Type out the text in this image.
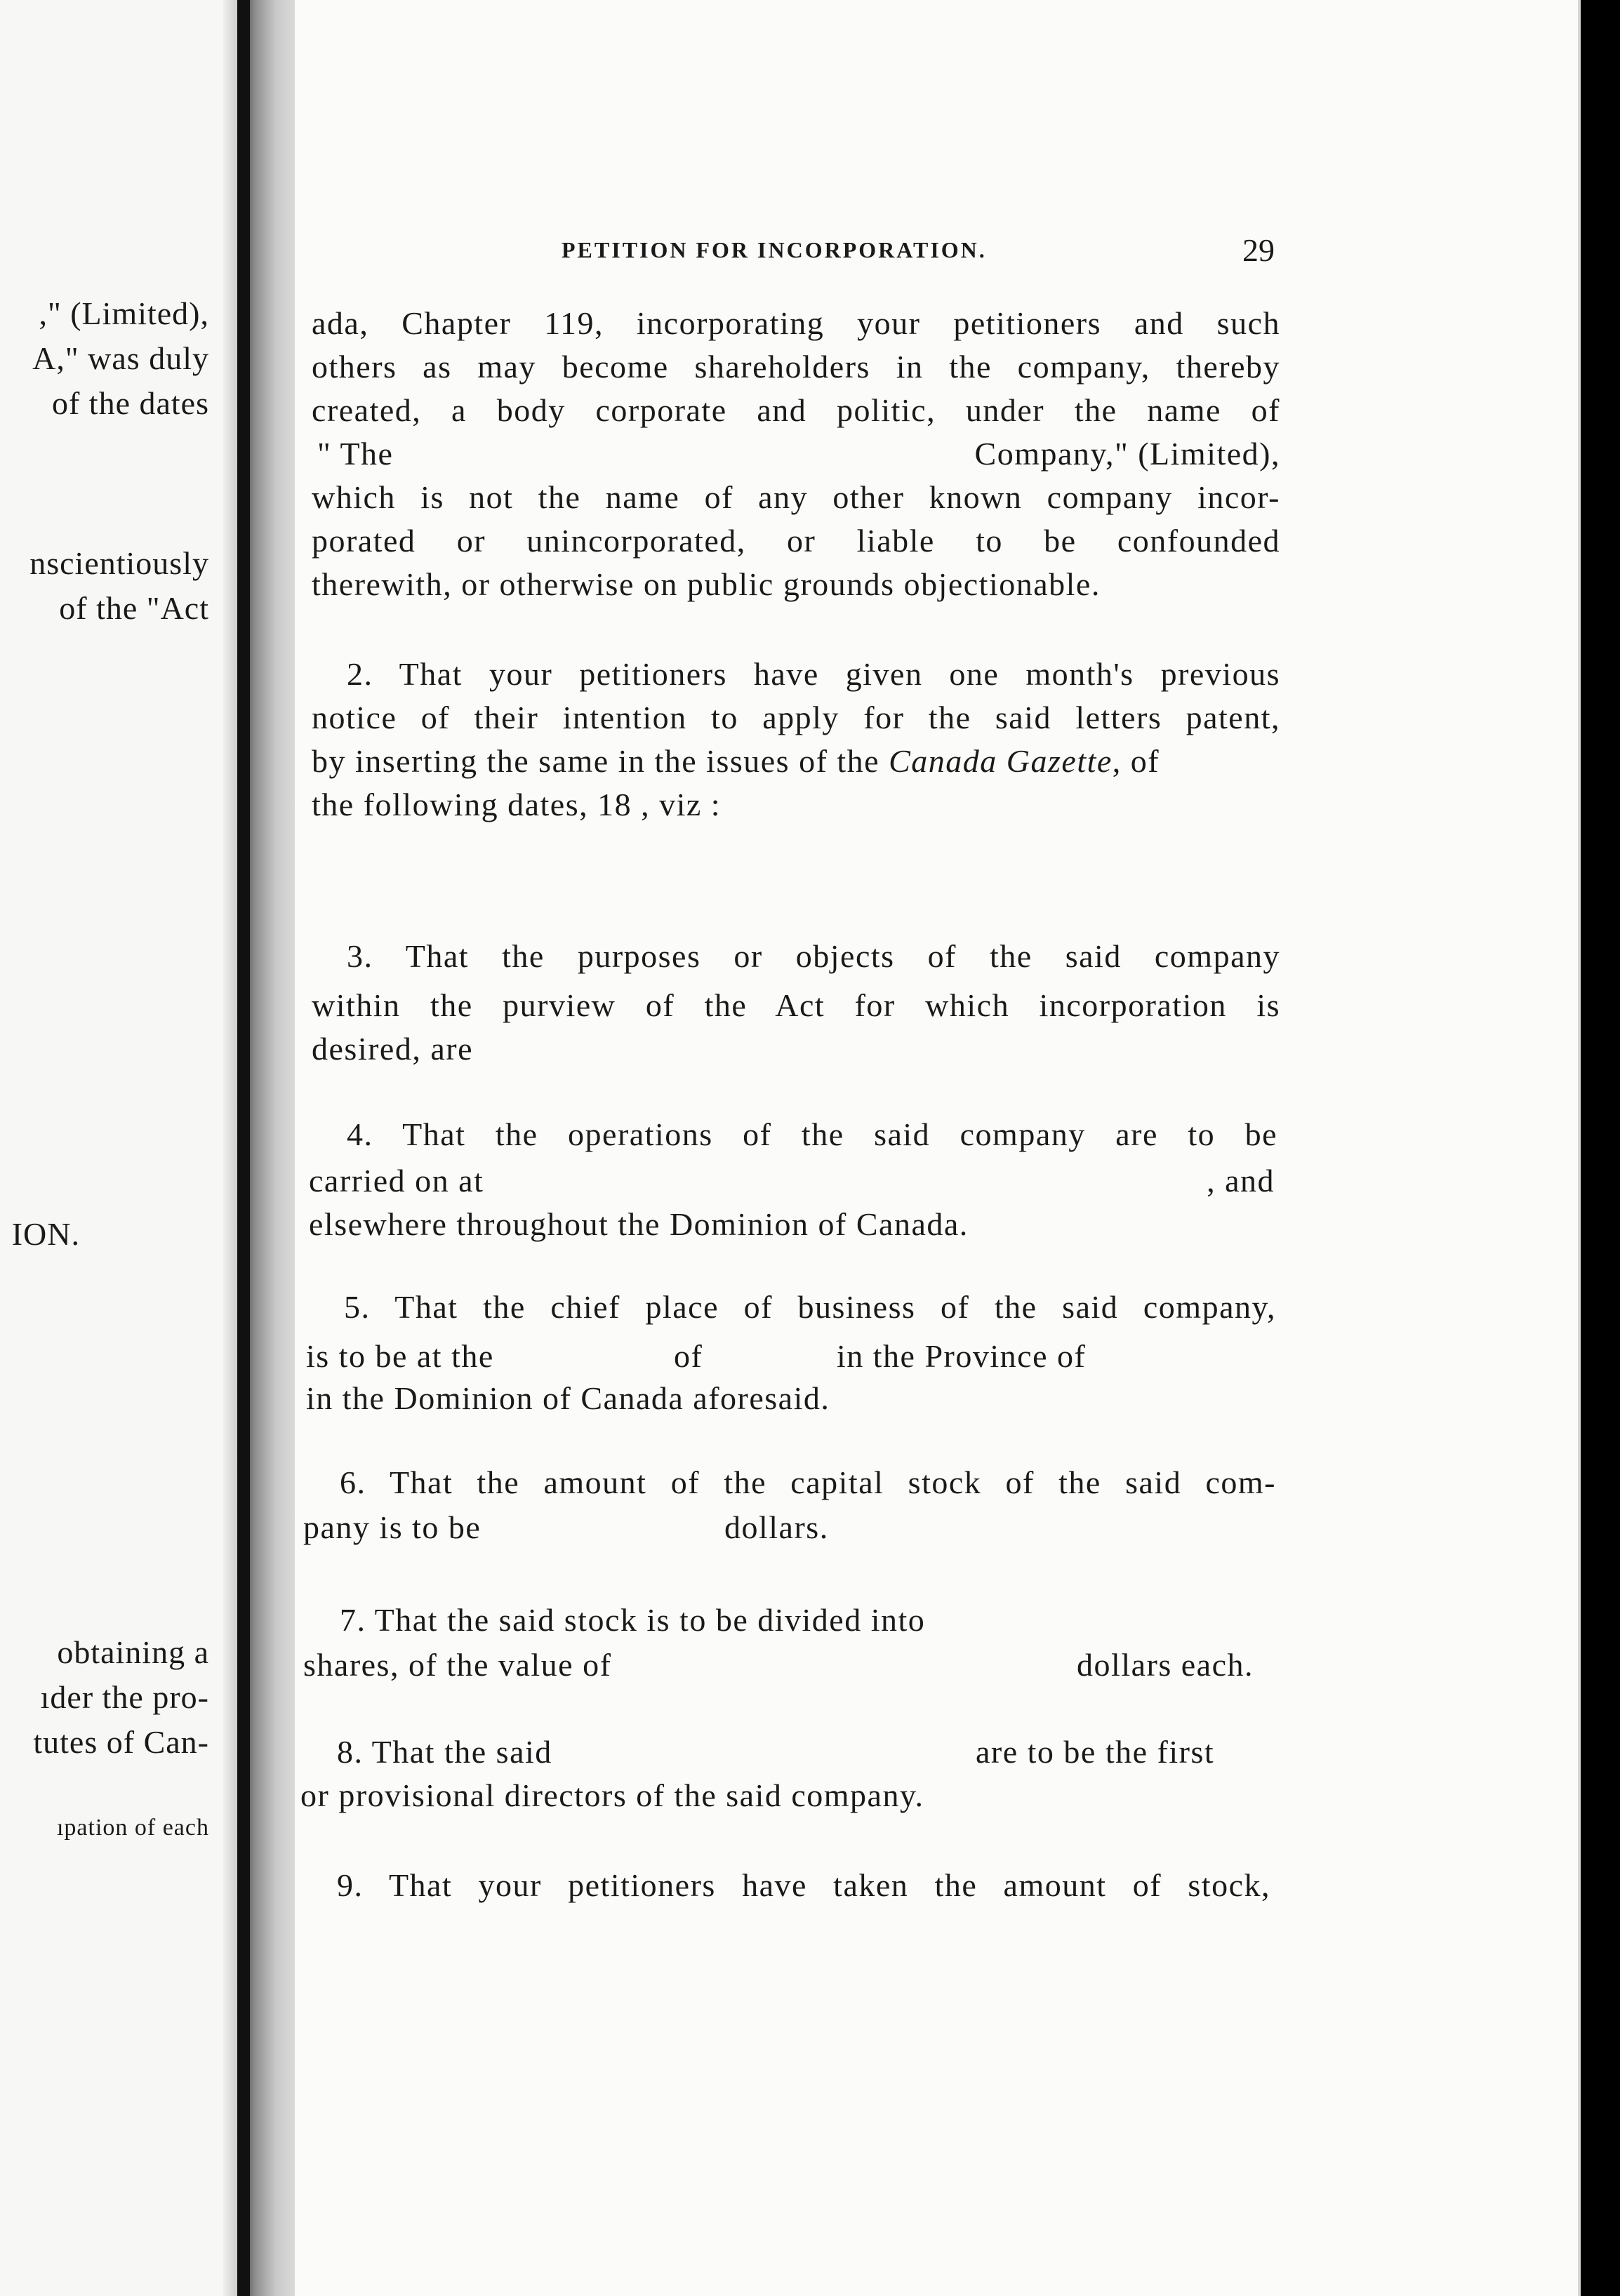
," (Limited),
A," was duly
of the dates
nscientiously
of the "Act
ION.
obtaining a
ıder the pro-
tutes of Can-
ıpation of each
PETITION FOR INCORPORATION.	29
ada, Chapter 119, incorporating your petitioners and such
others as may become shareholders in the company, thereby
created, a body corporate and politic, under the name of
" The	Company," (Limited),
which is not the name of any other known company incor-
porated or unincorporated, or liable to be confounded
therewith, or otherwise on public grounds objectionable.
2. That your petitioners have given one month's previous
notice of their intention to apply for the said letters patent,
by inserting the same in the issues of the Canada Gazette, of
the following dates, 18 , viz :
3. That the purposes or objects of the said company
within the purview of the Act for which incorporation is
desired, are
4. That the operations of the said company are to be
carried on at	, and
elsewhere throughout the Dominion of Canada.
5. That the chief place of business of the said company,
is to be at the	of	in the Province of
in the Dominion of Canada aforesaid.
6. That the amount of the capital stock of the said com-
pany is to be	dollars.
7. That the said stock is to be divided into
shares, of the value of	dollars each.
8. That the said	are to be the first
or provisional directors of the said company.
9. That your petitioners have taken the amount of stock,
